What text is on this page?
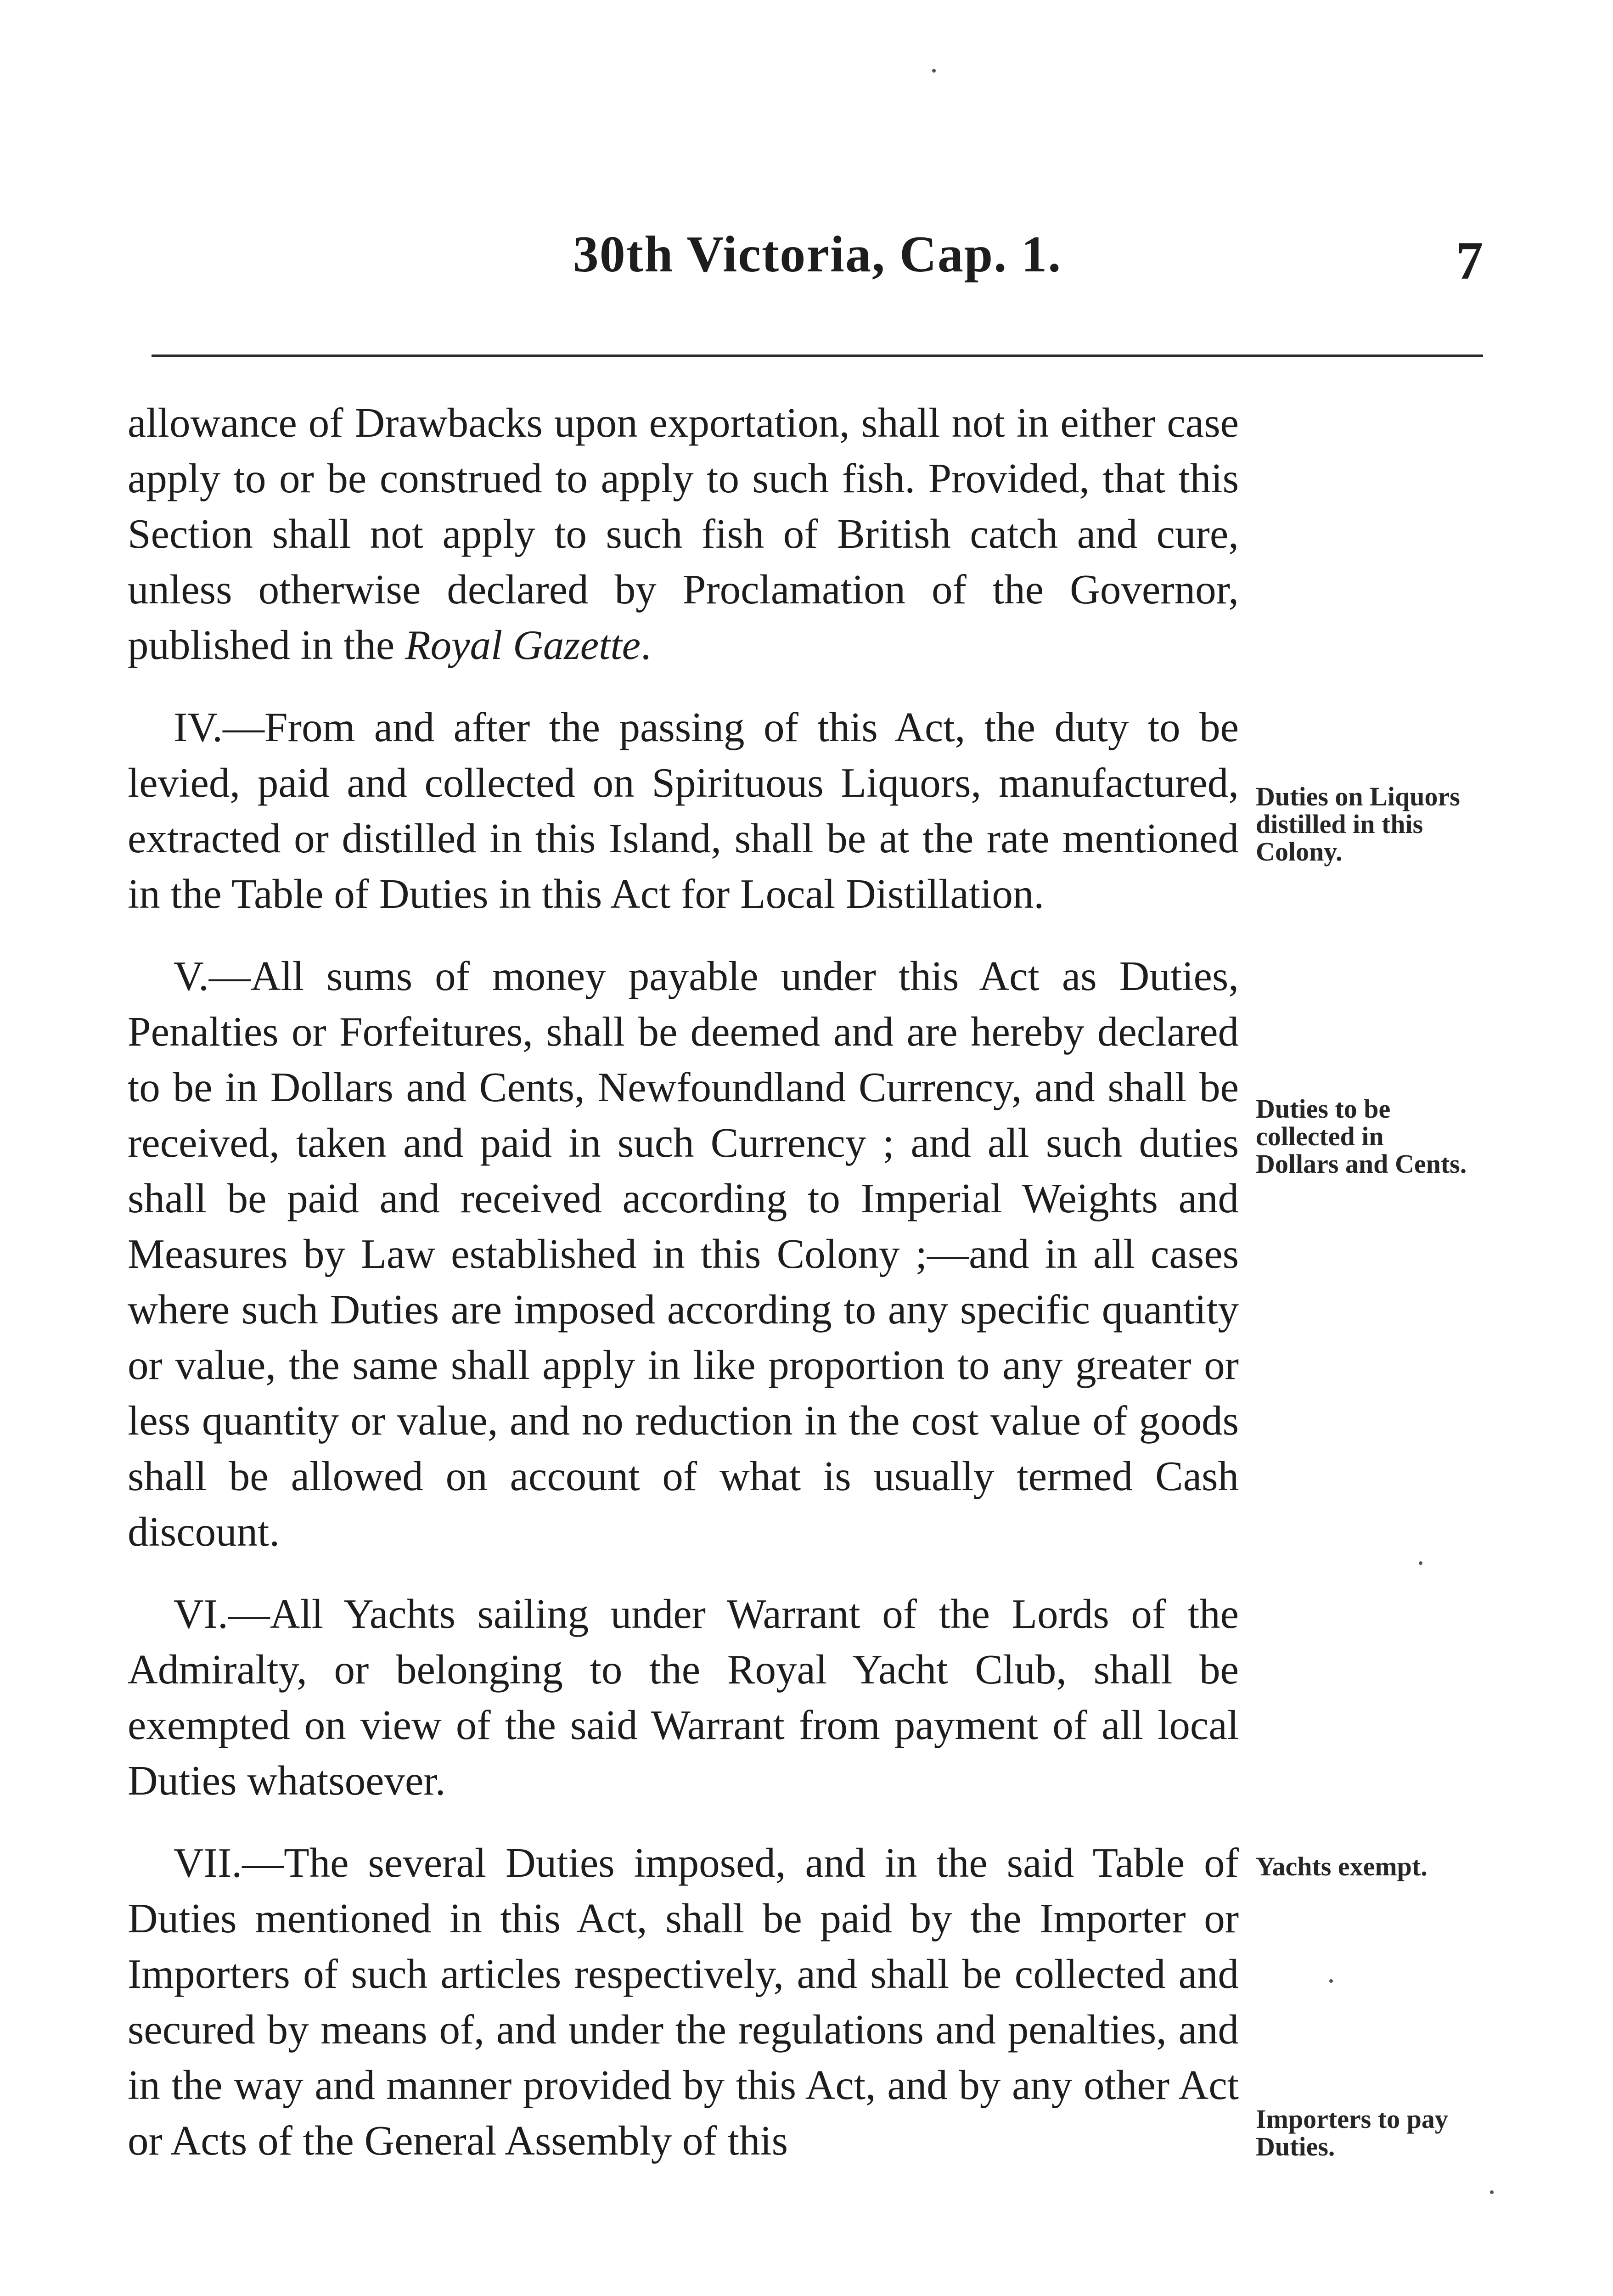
30th Victoria, Cap. 1.	7

allowance of Drawbacks upon exportation, shall not in either case apply to or be construed to apply to such fish. Provided, that this Section shall not apply to such fish of British catch and cure, unless otherwise declared by Proclamation of the Governor, published in the Royal Gazette.

IV.—From and after the passing of this Act, the duty to be levied, paid and collected on Spirituous Liquors, manufactured, extracted or distilled in this Island, shall be at the rate mentioned in the Table of Duties in this Act for Local Distillation.

V.—All sums of money payable under this Act as Duties, Penalties or Forfeitures, shall be deemed and are hereby declared to be in Dollars and Cents, Newfoundland Currency, and shall be received, taken and paid in such Currency ; and all such duties shall be paid and received according to Imperial Weights and Measures by Law established in this Colony ;—and in all cases where such Duties are imposed according to any specific quantity or value, the same shall apply in like proportion to any greater or less quantity or value, and no reduction in the cost value of goods shall be allowed on account of what is usually termed Cash discount.

VI.—All Yachts sailing under Warrant of the Lords of the Admiralty, or belonging to the Royal Yacht Club, shall be exempted on view of the said Warrant from payment of all local Duties whatsoever.

VII.—The several Duties imposed, and in the said Table of Duties mentioned in this Act, shall be paid by the Importer or Importers of such articles respectively, and shall be collected and secured by means of, and under the regulations and penalties, and in the way and manner provided by this Act, and by any other Act or Acts of the General Assembly of this

Duties on Liquors distilled in this Colony.
Duties to be collected in Dollars and Cents.
Yachts exempt.
Importers to pay Duties.
